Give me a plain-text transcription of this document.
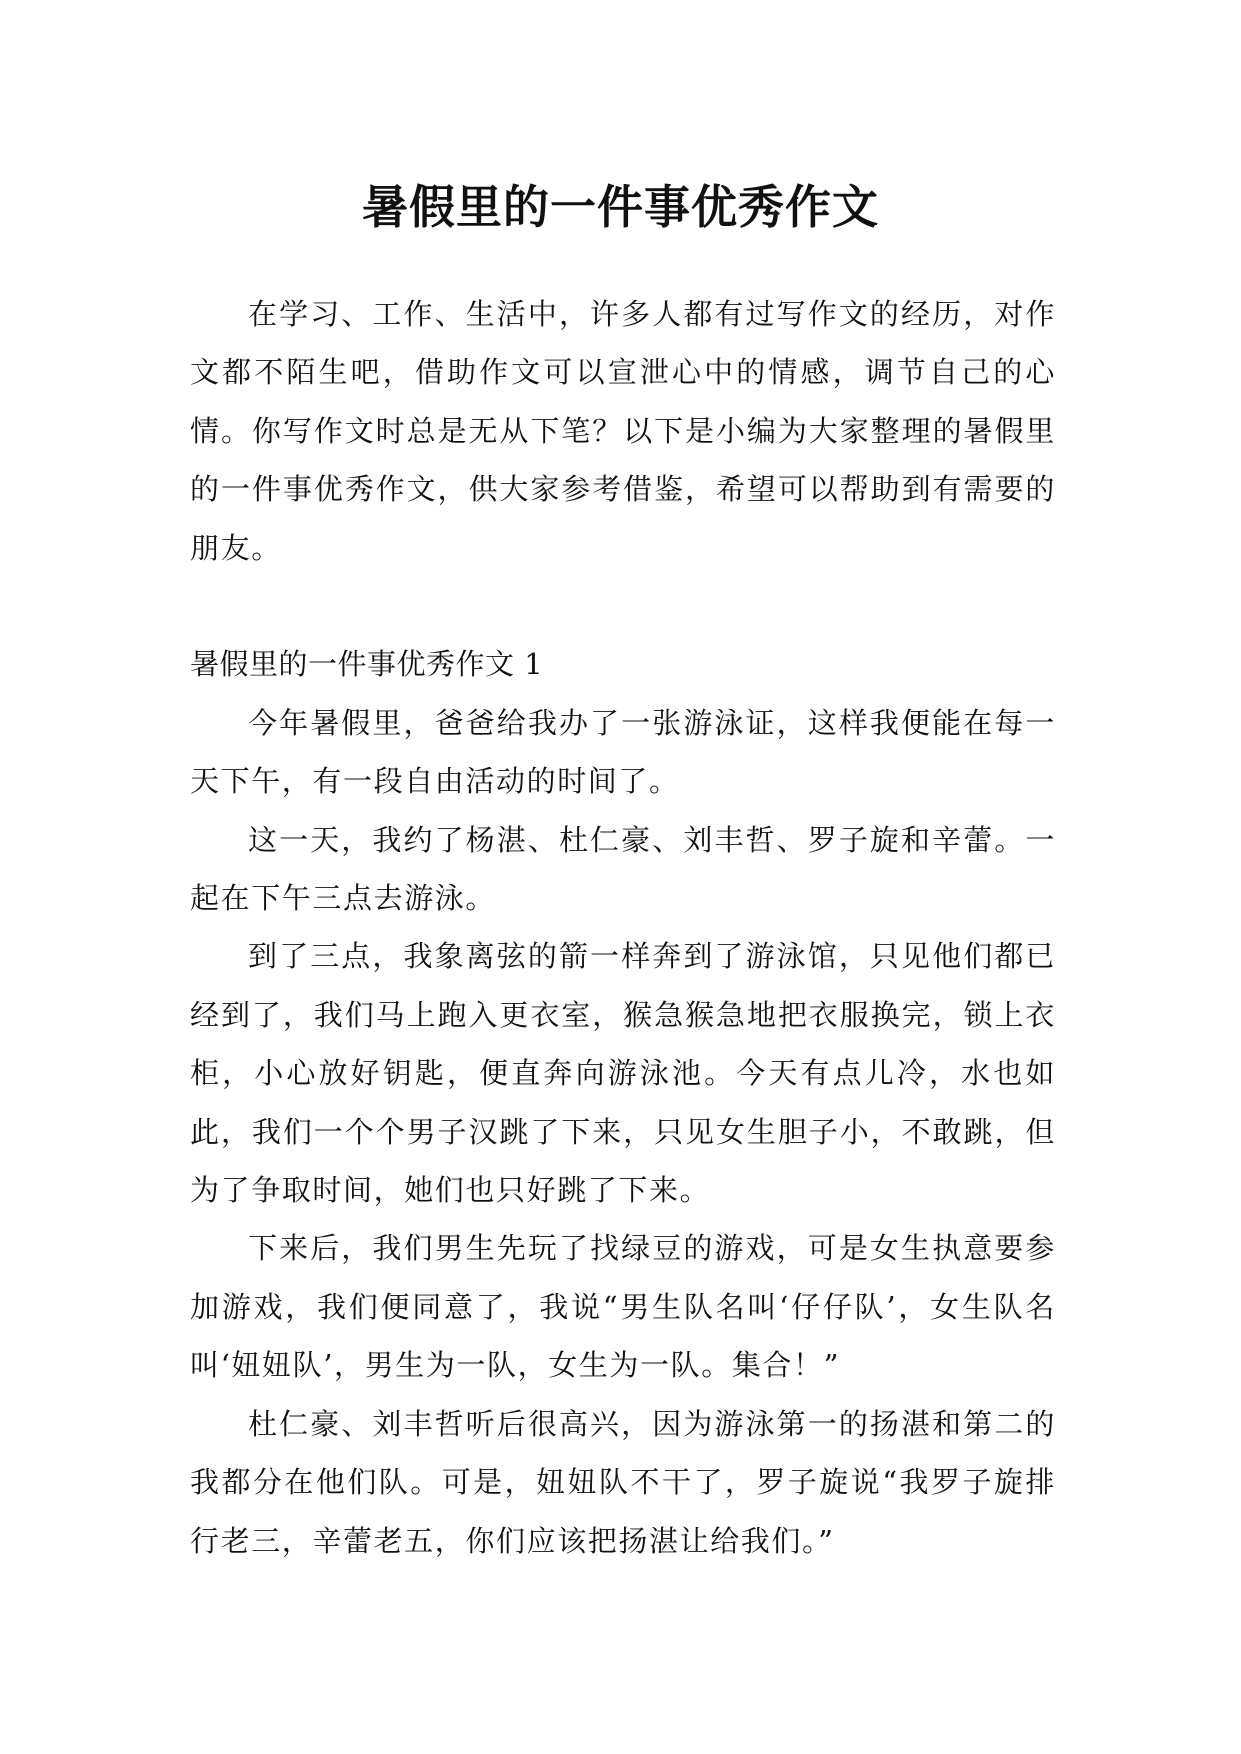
暑假里的一件事优秀作文

在学习、工作、生活中，许多人都有过写作文的经历，对作文都不陌生吧，借助作文可以宣泄心中的情感，调节自己的心情。你写作文时总是无从下笔？以下是小编为大家整理的暑假里的一件事优秀作文，供大家参考借鉴，希望可以帮助到有需要的朋友。

暑假里的一件事优秀作文 1

今年暑假里，爸爸给我办了一张游泳证，这样我便能在每一天下午，有一段自由活动的时间了。

这一天，我约了杨湛、杜仁豪、刘丰哲、罗子旋和辛蕾。一起在下午三点去游泳。

到了三点，我象离弦的箭一样奔到了游泳馆，只见他们都已经到了，我们马上跑入更衣室，猴急猴急地把衣服换完，锁上衣柜，小心放好钥匙，便直奔向游泳池。今天有点儿冷，水也如此，我们一个个男子汉跳了下来，只见女生胆子小，不敢跳，但为了争取时间，她们也只好跳了下来。

下来后，我们男生先玩了找绿豆的游戏，可是女生执意要参加游戏，我们便同意了，我说“男生队名叫‘仔仔队’，女生队名叫‘妞妞队’，男生为一队，女生为一队。集合！”

杜仁豪、刘丰哲听后很高兴，因为游泳第一的扬湛和第二的我都分在他们队。可是，妞妞队不干了，罗子旋说“我罗子旋排行老三，辛蕾老五，你们应该把扬湛让给我们。”
